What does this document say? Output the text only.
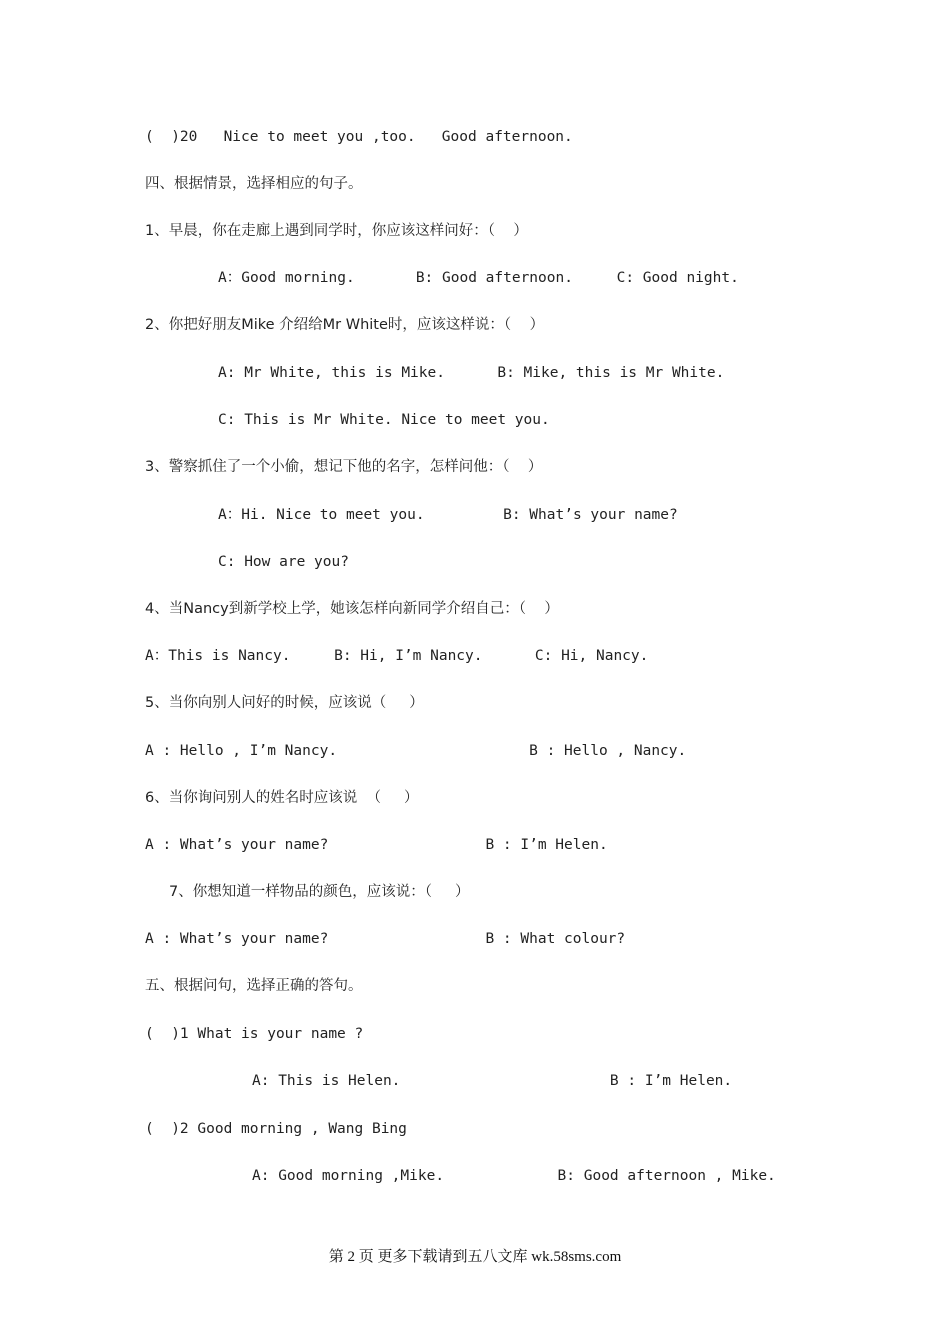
(  )20   Nice to meet you ,too.   Good afternoon.
四、根据情景，选择相应的句子。
1、早晨，你在走廊上遇到同学时，你应该这样问好：（    ）
A：Good morning.       B: Good afternoon.     C: Good night.
2、你把好朋友Mike 介绍给Mr White时，应该这样说：（    ）
A: Mr White, this is Mike.      B: Mike, this is Mr White.
C: This is Mr White. Nice to meet you.
3、警察抓住了一个小偷，想记下他的名字，怎样问他：（    ）
A：Hi. Nice to meet you.         B: What’s your name?
C: How are you?
4、当Nancy到新学校上学，她该怎样向新同学介绍自己：（    ）
A：This is Nancy.     B: Hi, I’m Nancy.      C: Hi, Nancy.
5、当你向别人问好的时候，应该说（     ）
A : Hello , I’m Nancy.                      B : Hello , Nancy.
6、当你询问别人的姓名时应该说  （     ）
A : What’s your name?                  B : I’m Helen.
7、你想知道一样物品的颜色，应该说：（     ）
A : What’s your name?                  B : What colour?
五、根据问句，选择正确的答句。
(  )1 What is your name ?
A: This is Helen.                        B : I’m Helen.
(  )2 Good morning , Wang Bing
A: Good morning ,Mike.             B: Good afternoon , Mike.
第 2 页 更多下载请到五八文库 wk.58sms.com
